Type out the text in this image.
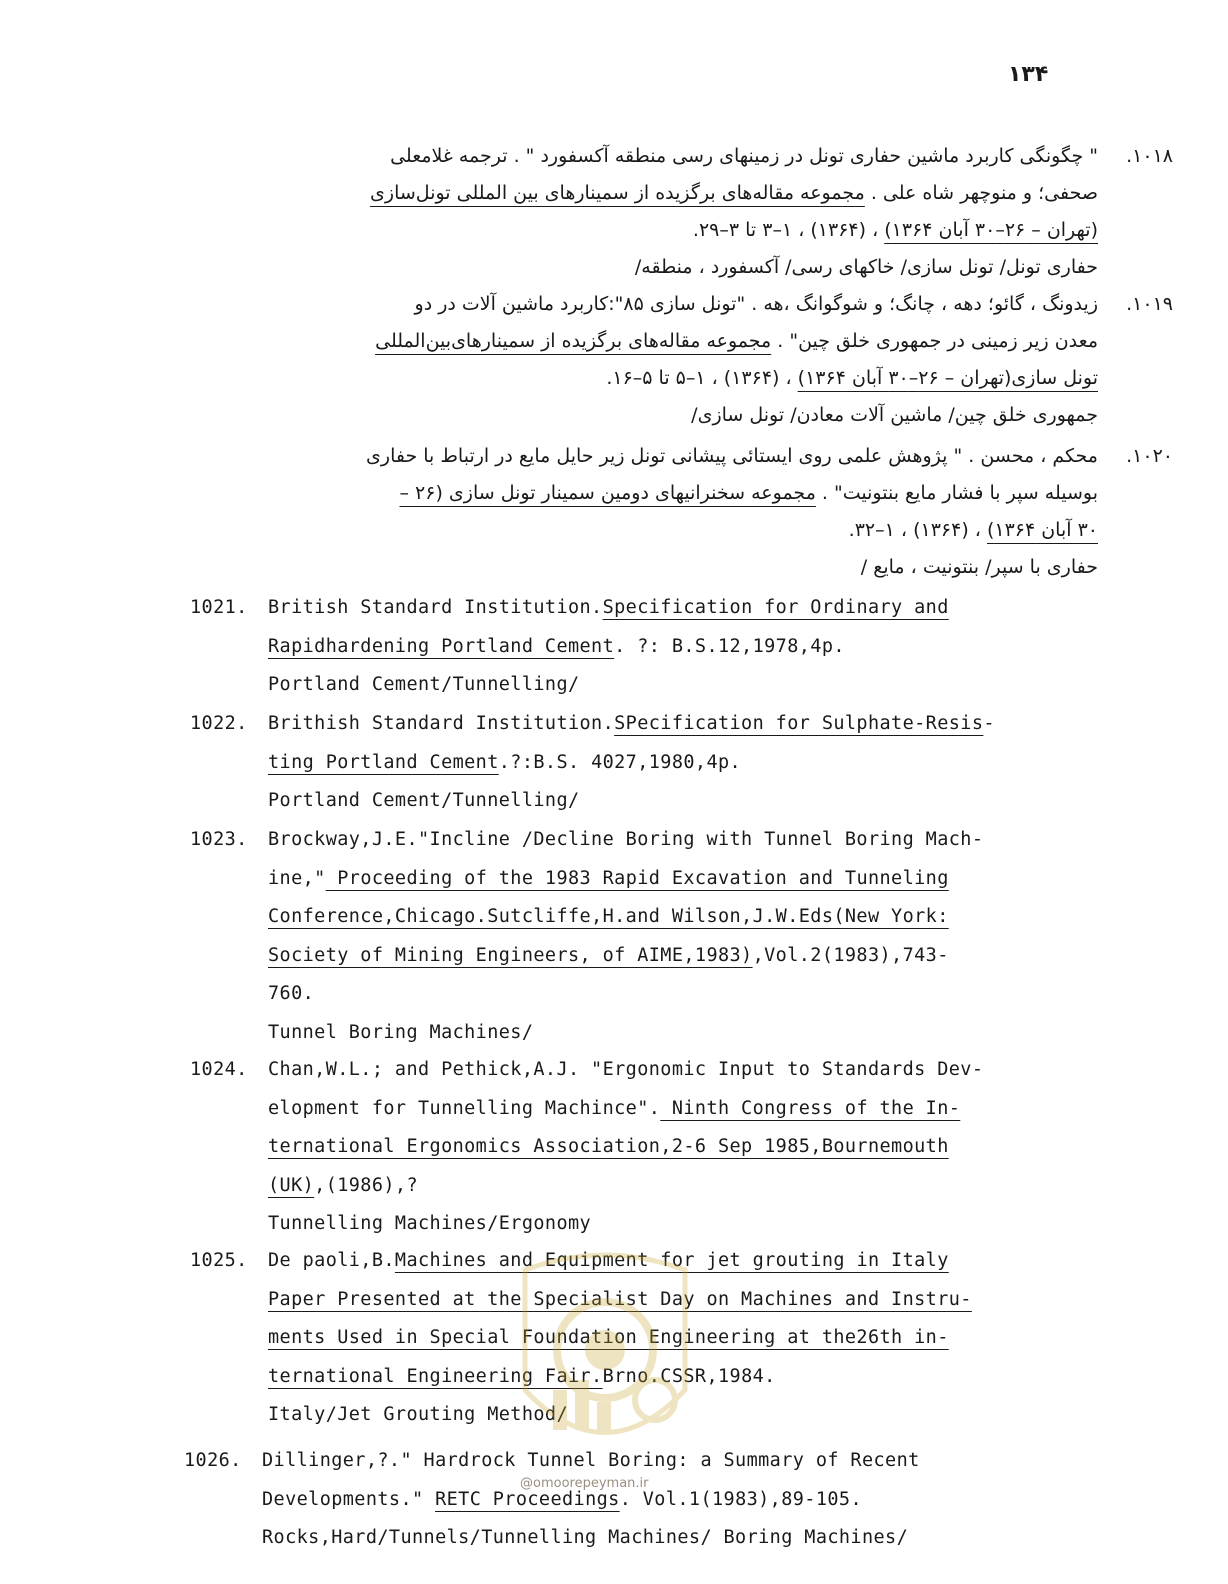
۱۳۴
۱۰۱۸.
" چگونگی کاربرد ماشین حفاری تونل در زمینهای رسی منطقه آکسفورد " . ترجمه غلامعلی
صحفی؛ و منوچهر شاه علی . مجموعه مقاله‌های برگزیده از سمینارهای بین المللی تونل‌سازی
(تهران – ۲۶–۳۰ آبان ۱۳۶۴) ، (۱۳۶۴) ، ۱–۳ تا ۳–۲۹.
حفاری تونل/ تونل سازی/ خاکهای رسی/ آکسفورد ، منطقه/
۱۰۱۹.
زیدونگ ، گائو؛ دهه ، چانگ؛ و شوگوانگ ،هه . "تونل سازی ۸۵":کاربرد ماشین آلات در دو
معدن زیر زمینی در جمهوری خلق چین" . مجموعه مقاله‌های برگزیده از سمینارهای‌بین‌المللی
تونل سازی(تهران – ۲۶–۳۰ آبان ۱۳۶۴) ، (۱۳۶۴) ، ۱–۵ تا ۵–۱۶.
جمهوری خلق چین/ ماشین آلات معادن/ تونل سازی/
۱۰۲۰.
محکم ، محسن . " پژوهش علمی روی ایستائی پیشانی تونل زیر حایل مایع در ارتباط با حفاری
بوسیله سپر با فشار مایع بنتونیت" . مجموعه سخنرانیهای دومین سمینار تونل سازی (۲۶ –
۳۰ آبان ۱۳۶۴) ، (۱۳۶۴) ، ۱–۳۲.
حفاری با سپر/ بنتونیت ، مایع /
1021.	British Standard Institution.Specification for Ordinary and
Rapidhardening Portland Cement. ?: B.S.12,1978,4p.
Portland Cement/Tunnelling/
1022.	Brithish Standard Institution.SPecification for Sulphate-Resis-
ting Portland Cement.?:B.S. 4027,1980,4p.
Portland Cement/Tunnelling/
1023.	Brockway,J.E."Incline /Decline Boring with Tunnel Boring Mach-
ine," Proceeding of the 1983 Rapid Excavation and Tunneling
Conference,Chicago.Sutcliffe,H.and Wilson,J.W.Eds(New York:
Society of Mining Engineers, of AIME,1983),Vol.2(1983),743-
760.
Tunnel Boring Machines/
1024.	Chan,W.L.; and Pethick,A.J. "Ergonomic Input to Standards Dev-
elopment for Tunnelling Machince". Ninth Congress of the In-
ternational Ergonomics Association,2-6 Sep 1985,Bournemouth
(UK),(1986),?
Tunnelling Machines/Ergonomy
1025.	De paoli,B.Machines and Equipment for jet grouting in Italy
Paper Presented at the Specialist Day on Machines and Instru-
ments Used in Special Foundation Engineering at the26th in-
ternational Engineering Fair.Brno.CSSR,1984.
Italy/Jet Grouting Method/
1026.	Dillinger,?." Hardrock Tunnel Boring: a Summary of Recent
Developments." RETC Proceedings. Vol.1(1983),89-105.
Rocks,Hard/Tunnels/Tunnelling Machines/ Boring Machines/
@omoorepeyman.ir
